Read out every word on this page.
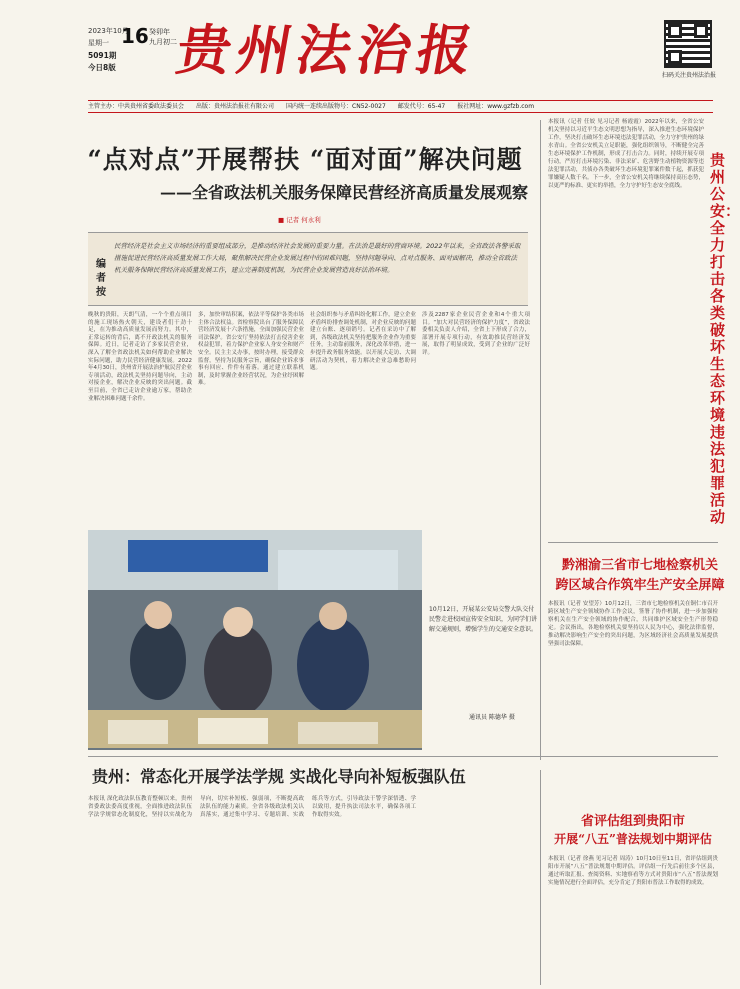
2023年10月
星期一 16 癸卯年
九月初二
5091期
今日8版 贵州法治报	扫码关注贵州法治报
主管主办：中共贵州省委政法委员会 出版：贵州法治报社有限公司 国内统一连续出版物号：CN52-0027 邮发代号：65-47 报社网址：www.gzfzb.com
“点对点”开展帮扶 “面对面”解决问题
——全省政法机关服务保障民营经济高质量发展观察
■ 记者 何永利
编者按
民营经济是社会主义市场经济的重要组成部分，是推动经济社会发展的重要力量。在法治是最好的营商环境。2022年以来，全省政法各警采取措施促进民营经济高质量发展工作大局，聚焦解决民营企业发展过程中的困难问题，坚持问题导向、点对点服务、面对面解决，推动全省政法机关服务保障民营经济高质量发展工作，建立完善制度机制，为民营企业发展营造良好法治环境。
晚秋的贵阳，天朗气清，一个个重点项目的施工现场热火朝天，建设者们干劲十足，在为推动高质量发展而努力。其中，正常运转的背后，离不开政法机关的服务保障。近日，记者走访了多家民营企业，深入了解全省政法机关如何帮助企业解决实际问题，助力民营经济健康发展。2022年4月30日，贵州省开展法治护航民营企业专项活动，政法机关坚持问题导向，主动对接企业，解决企业反映的突出问题。截至目前，全省已走访企业逾万家，帮助企业解决困难问题千余件。
多，加快审结积案，依法平等保护各类市场主体合法权益。省检察院出台了服务保障民营经济发展十六条措施，全面加强民营企业司法保护。省公安厅坚持依法打击侵害企业权益犯罪，着力保护企业家人身安全和财产安全。民主主义办事，按时办理，接受群众监督，坚持为民服务宗旨，确保企业诉求事事有回应、件件有着落。通过建立联系机制，及时掌握企业经营状况，为企业纾困解难。
社会组织参与矛盾纠纷化解工作，建立企业矛盾纠纷排查调处机制，对企业反映的问题建立台账、逐项销号。记者在采访中了解到，各级政法机关坚持把服务企业作为重要任务，主动靠前服务，深化改革举措，进一步提升政务服务效能。以开展大走访、大调研活动为契机，着力解决企业急难愁盼问题。
涉及2287家企业民营企业和4个重大项目。“加大对民营经济的保护力度”，省政法委相关负责人介绍，全省上下形成了合力，部署开展专项行动，有效助推民营经济发展，取得了明显成效，受到了企业的广泛好评。
10月12日，开展某公安局交警大队交付民警走进校园宣传安全知识，为同学们讲解交通规则，增强学生的交通安全意识。
通讯员 陈德华 摄
本报讯（记者 任姣 见习记者 杨霞霞）2022年以来，全省公安机关坚持以习近平生态文明思想为指导，深入推进生态环境保护工作，坚决打击破坏生态环境违法犯罪活动，全力守护贵州的绿水青山。全省公安机关立足职能，强化组织领导，不断健全完善生态环境保护工作机制，形成了打击合力。同时，持续开展专项行动，严厉打击环境污染、非法采矿、危害野生动植物资源等违法犯罪活动，共侦办各类破坏生态环境犯罪案件数千起，抓获犯罪嫌疑人数千名。下一步，全省公安机关将继续保持高压态势，以更严的标准、更实的举措，全力守护好生态安全底线。
贵州公安：全力打击各类破坏生态环境违法犯罪活动
黔湘渝三省市七地检察机关
跨区域合作筑牢生产安全屏障
本报讯（记者 安望芳）10月12日，三省市七地检察机关在铜仁市召开跨区域生产安全领域协作工作会议，签署了协作机制，进一步加强检察机关在生产安全领域的协作配合，共同维护区域安全生产形势稳定。会议指出，各地检察机关要坚持以人民为中心，强化法律监督，推动解决影响生产安全的突出问题，为区域经济社会高质量发展提供坚强司法保障。
贵州：常态化开展学法学规 实战化导向补短板强队伍
本报讯 深化政法队伍教育整顿以来，贵州省委政法委高度重视，全面推进政法队伍学法学规常态化制度化，坚持以实战化为导向，切实补短板、强弱项，不断提高政法队伍的能力素质。全省各级政法机关认真落实，通过集中学习、专题培训、实战练兵等方式，引导政法干警学深悟透、学以致用，提升执法司法水平，确保各项工作取得实效。	省评估组到贵阳市
开展“八五”普法规划中期评估
本报讯（记者 徐燕 见习记者 周涛）10月10日至11日，省评估组到贵阳市开展“八五”普法规划中期评估。评估组一行先后前往多个区县，通过听取汇报、查阅资料、实地察看等方式对贵阳市“八五”普法规划实施情况进行全面评估，充分肯定了贵阳市普法工作取得的成效。
